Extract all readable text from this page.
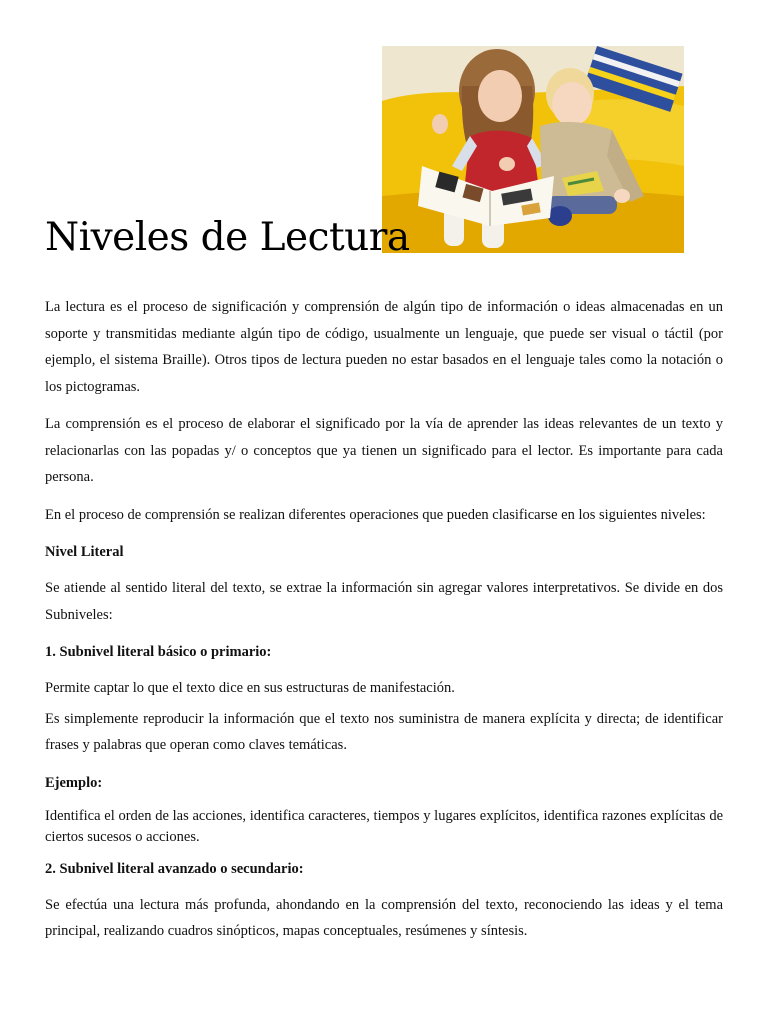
Niveles de Lectura

La lectura es el proceso de significación y comprensión de algún tipo de información o ideas almacenadas en un soporte y transmitidas mediante algún tipo de código, usualmente un lenguaje, que puede ser visual o táctil (por ejemplo, el sistema Braille). Otros tipos de lectura pueden no estar basados en el lenguaje tales como la notación o los pictogramas.

La comprensión es el proceso de elaborar el significado por la vía de aprender las ideas relevantes de un texto y relacionarlas con las popadas y/ o conceptos que ya tienen un significado para el lector. Es importante para cada persona.

En el proceso de comprensión se realizan diferentes operaciones que pueden clasificarse en los siguientes niveles:

Nivel Literal

Se atiende al sentido literal del texto, se extrae la información sin agregar valores interpretativos. Se divide en dos Subniveles:

1. Subnivel literal básico o primario:

Permite captar lo que el texto dice en sus estructuras de manifestación.

Es simplemente reproducir la información que el texto nos suministra de manera explícita y directa; de identificar frases y palabras que operan como claves temáticas.

Ejemplo:

Identifica el orden de las acciones, identifica caracteres, tiempos y lugares explícitos, identifica razones explícitas de ciertos sucesos o acciones.

2. Subnivel literal avanzado o secundario:

Se efectúa una lectura más profunda, ahondando en la comprensión del texto, reconociendo las ideas y el tema principal, realizando cuadros sinópticos, mapas conceptuales, resúmenes y síntesis.
